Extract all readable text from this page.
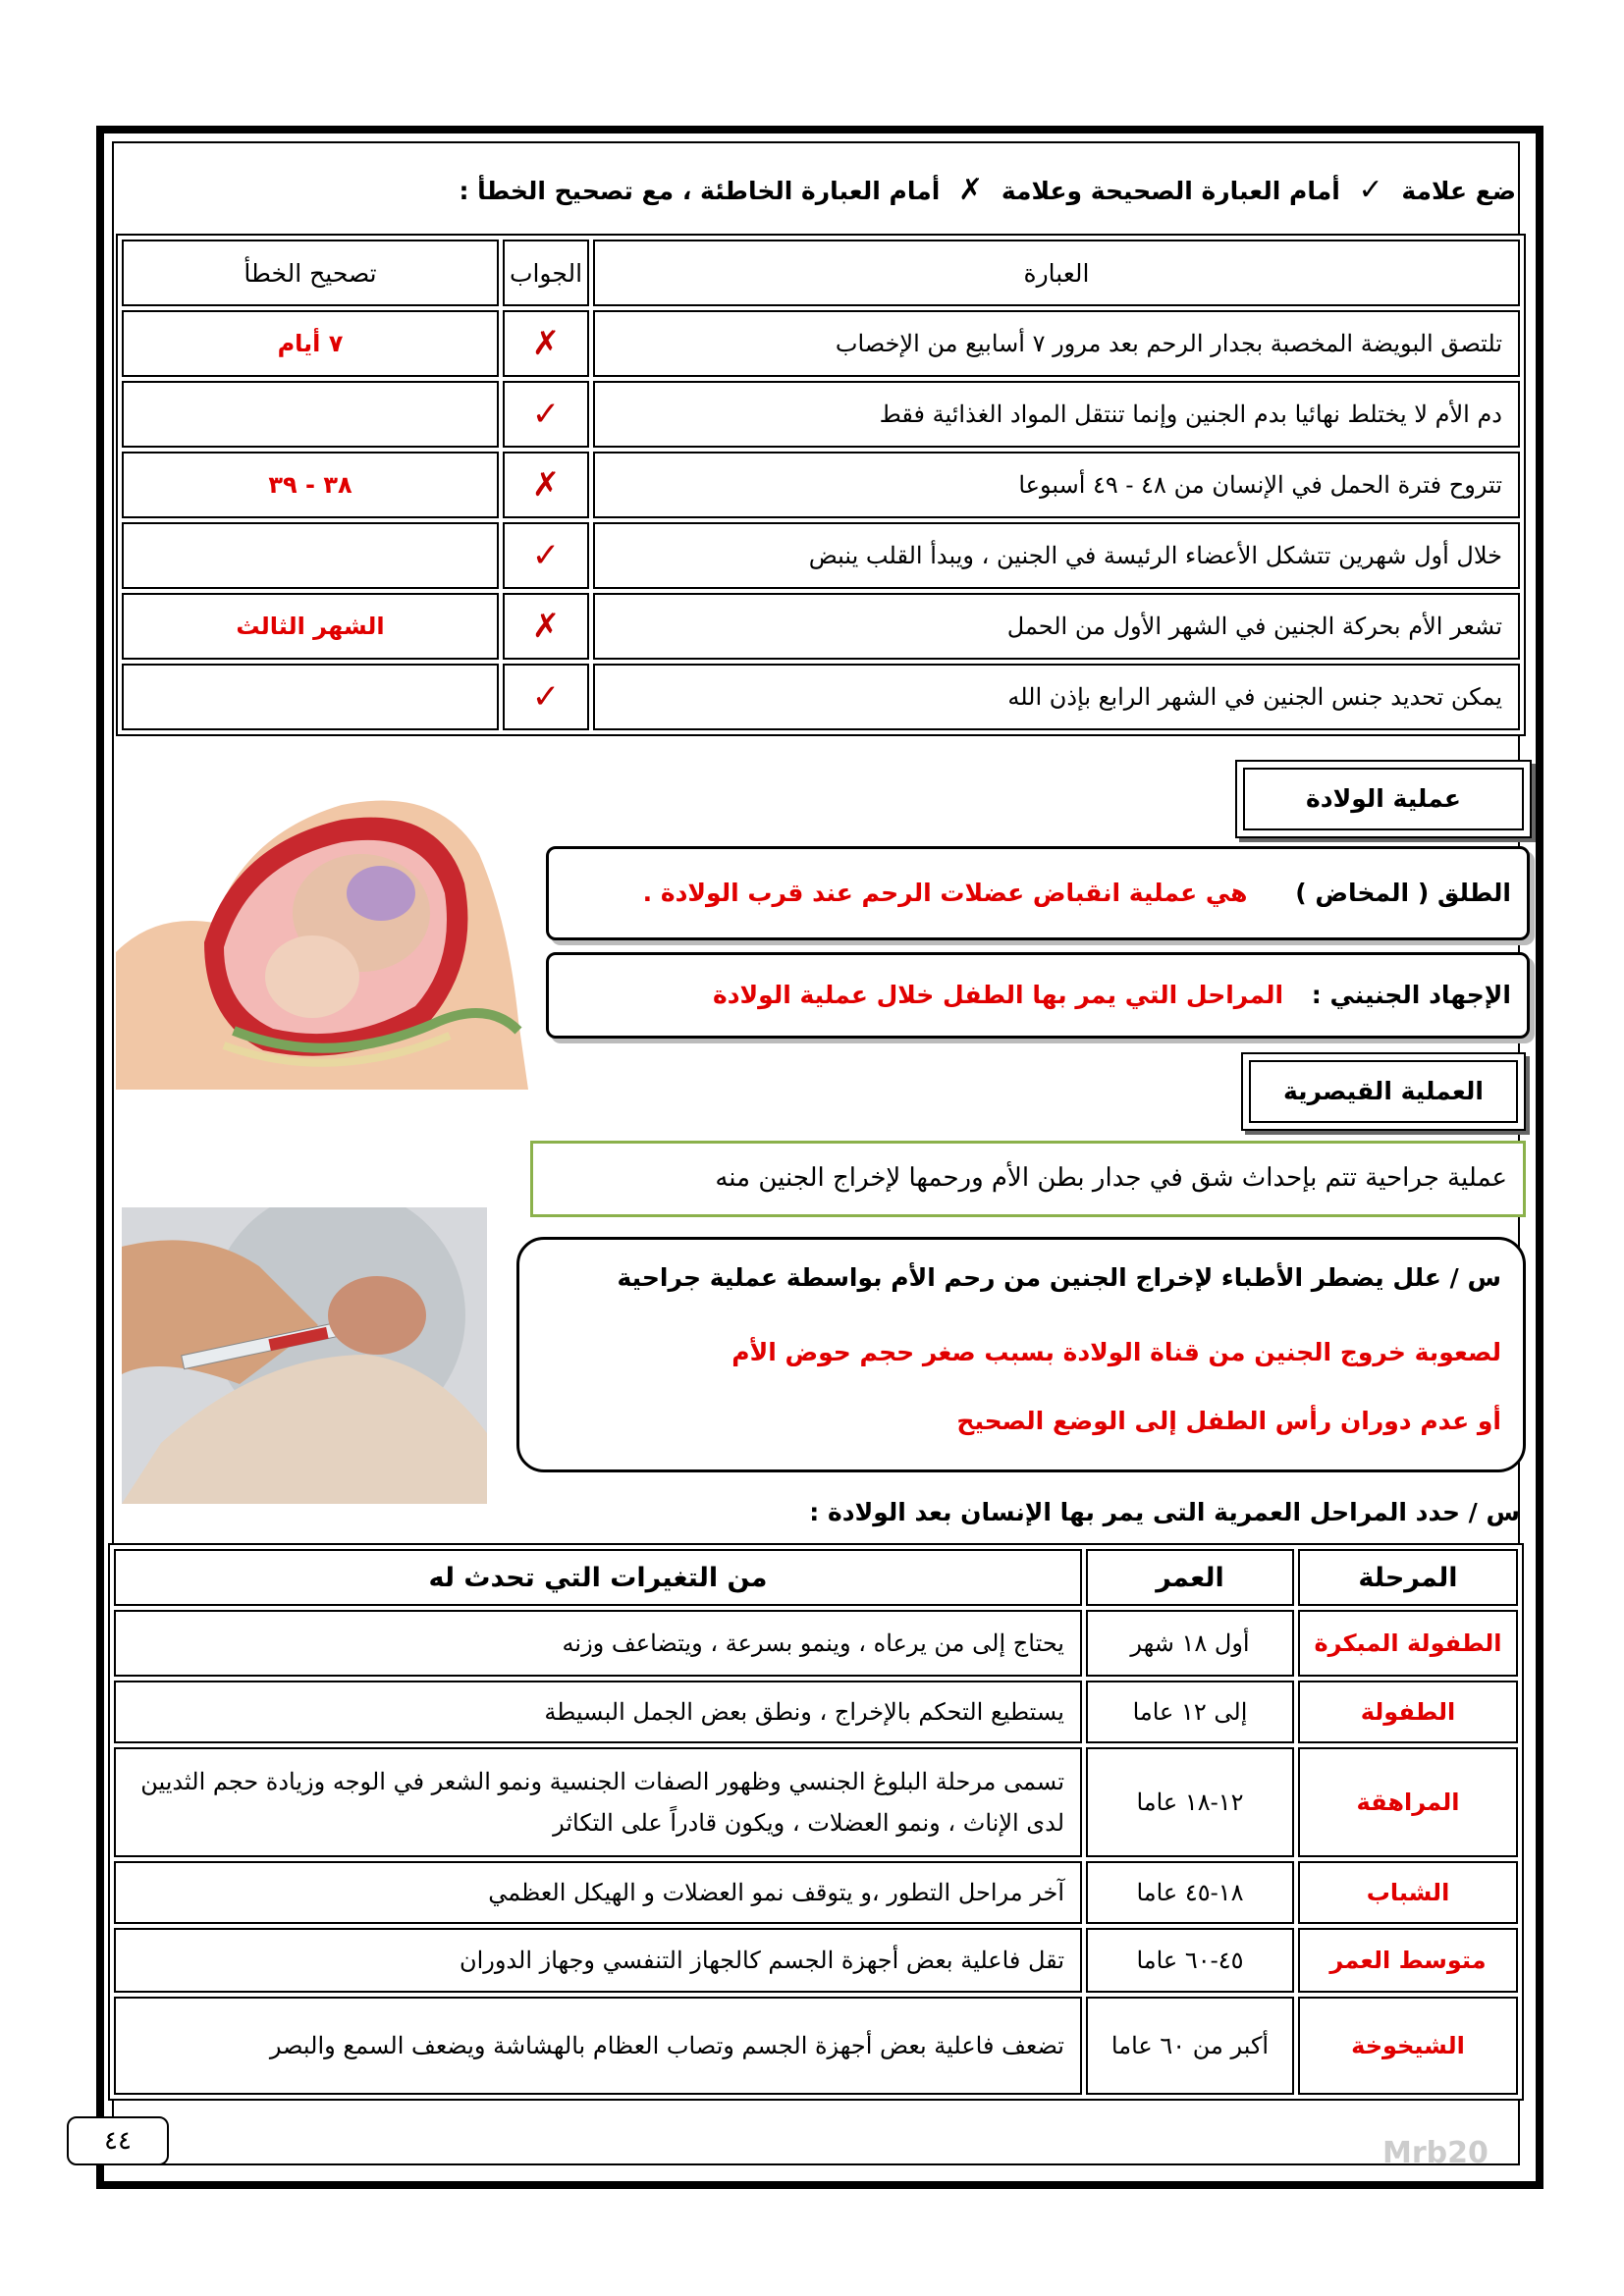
ضع علامة ✓ أمام العبارة الصحيحة وعلامة ✗ أمام العبارة الخاطئة ، مع تصحيح الخطأ :
العبارة	الجواب	تصحيح الخطأ
تلتصق البويضة المخصبة بجدار الرحم بعد مرور ٧ أسابيع من الإخصاب	✗	٧ أيام
دم الأم لا يختلط نهائيا بدم الجنين وإنما تنتقل المواد الغذائية فقط	✓	
تتروح فترة الحمل في الإنسان من ٤٨ - ٤٩ أسبوعا	✗	٣٨ - ٣٩
خلال أول شهرين تتشكل الأعضاء الرئيسة في الجنين ، ويبدأ القلب ينبض	✓	
تشعر الأم بحركة الجنين في الشهر الأول من الحمل	✗	الشهر الثالث
يمكن تحديد جنس الجنين في الشهر الرابع بإذن الله	✓	
عملية الولادة
الطلق ( المخاض ) هي عملية انقباض عضلات الرحم عند قرب الولادة .
الإجهاد الجنيني : المراحل التي يمر بها الطفل خلال عملية الولادة
العملية القيصرية
عملية جراحية تتم بإحداث شق في جدار بطن الأم ورحمها لإخراج الجنين منه
س / علل يضطر الأطباء لإخراج الجنين من رحم الأم بواسطة عملية جراحية
لصعوبة خروج الجنين من قناة الولادة بسبب صغر حجم حوض الأم
أو عدم دوران رأس الطفل إلى الوضع الصحيح
س / حدد المراحل العمرية التى يمر بها الإنسان بعد الولادة :
المرحلة	العمر	من التغيرات التي تحدث له
الطفولة المبكرة	أول ١٨ شهر	يحتاج إلى من يرعاه ، وينمو بسرعة ، ويتضاعف وزنه
الطفولة	إلى ١٢ عاما	يستطيع التحكم بالإخراج ، ونطق بعض الجمل البسيطة
المراهقة	١٢-١٨ عاما	تسمى مرحلة البلوغ الجنسي وظهور الصفات الجنسية ونمو الشعر في الوجه وزيادة حجم الثديين لدى الإناث ، ونمو العضلات ، ويكون قادراً على التكاثر
الشباب	١٨-٤٥ عاما	آخر مراحل التطور ،و يتوقف نمو العضلات و الهيكل العظمي
متوسط العمر	٤٥-٦٠ عاما	تقل فاعلية بعض أجهزة الجسم كالجهاز التنفسي وجهاز الدوران
الشيخوخة	أكبر من ٦٠ عاما	تضعف فاعلية بعض أجهزة الجسم وتصاب العظام بالهشاشة ويضعف السمع والبصر
٤٤	Mrb20
